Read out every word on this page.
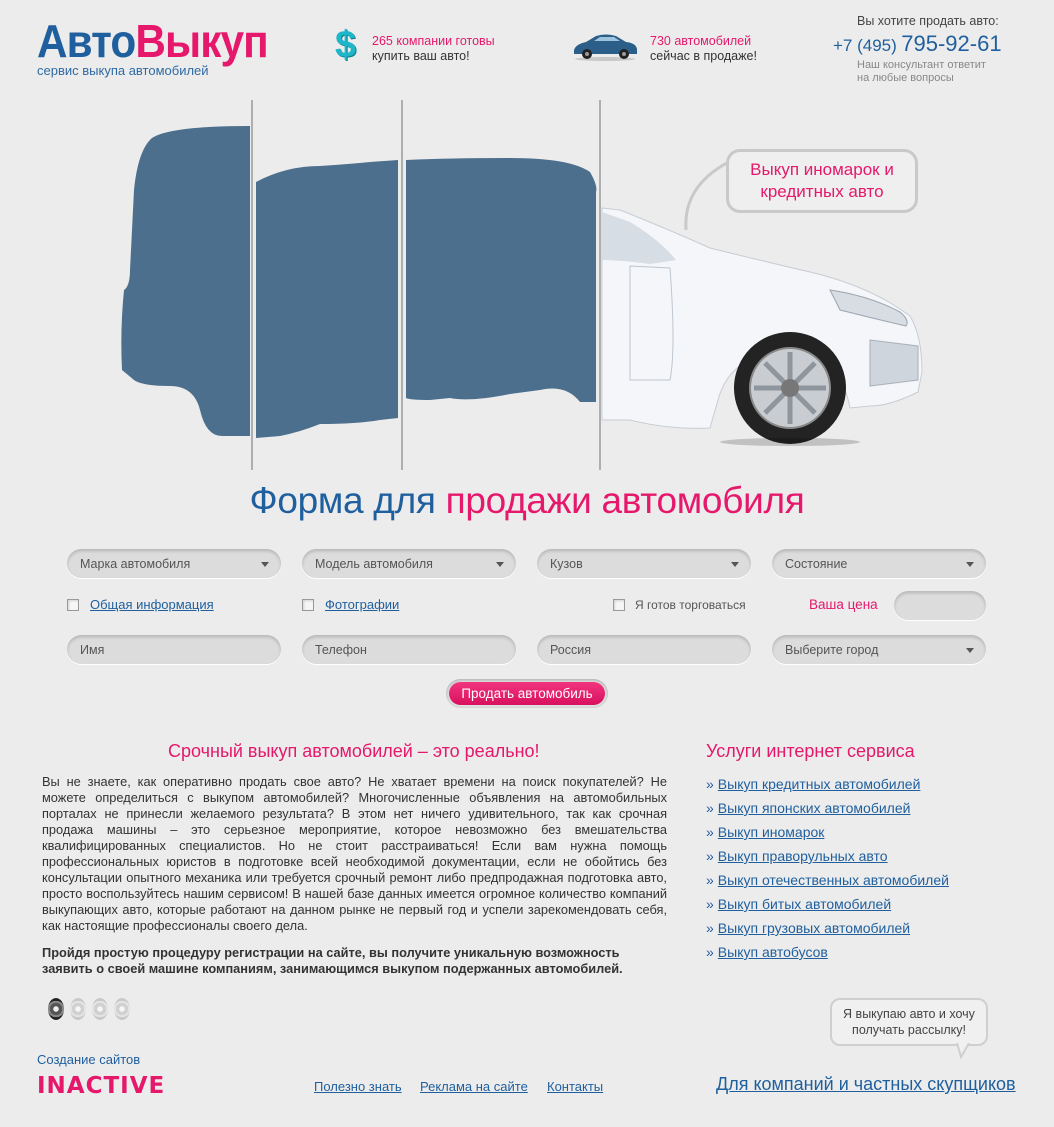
АвтоВыкуп
сервис выкупа автомобилей
$	265 компании готовы
купить ваш авто!
730 автомобилей
сейчас в продаже!
Вы хотите продать авто:
+7 (495) 795-92-61
Наш консультант ответит
на любые вопросы
Выкуп иномарок и
кредитных авто
Форма для продажи автомобиля
Марка автомобиля	Модель автомобиля	Кузов	Состояние
Общая информация	Фотографии	Я готов торговаться	Ваша цена
Имя	Телефон	Россия	Выберите город
Продать автомобиль
Срочный выкуп автомобилей – это реально!
Вы не знаете, как оперативно продать свое авто? Не хватает времени на поиск покупателей? Не можете определиться с выкупом автомобилей? Многочисленные объявления на автомобильных порталах не принесли желаемого результата? В этом нет ничего удивительного, так как срочная продажа машины – это серьезное мероприятие, которое невозможно без вмешательства квалифицированных специалистов. Но не стоит расстраиваться! Если вам нужна помощь профессиональных юристов в подготовке всей необходимой документации, если не обойтись без консультации опытного механика или требуется срочный ремонт либо предпродажная подготовка авто, просто воспользуйтесь нашим сервисом! В нашей базе данных имеется огромное количество компаний выкупающих авто, которые работают на данном рынке не первый год и успели зарекомендовать себя, как настоящие профессионалы своего дела.
Пройдя простую процедуру регистрации на сайте, вы получите уникальную возможность заявить о своей машине компаниям, занимающимся выкупом подержанных автомобилей.
Услуги интернет сервиса
» Выкуп кредитных автомобилей
» Выкуп японских автомобилей
» Выкуп иномарок
» Выкуп праворульных авто
» Выкуп отечественных автомобилей
» Выкуп битых автомобилей
» Выкуп грузовых автомобилей
» Выкуп автобусов
Я выкупаю авто и хочу
получать рассылку!
Создание сайтов
INACTIVE	Полезно знать Реклама на сайте Контакты	Для компаний и частных скупщиков
